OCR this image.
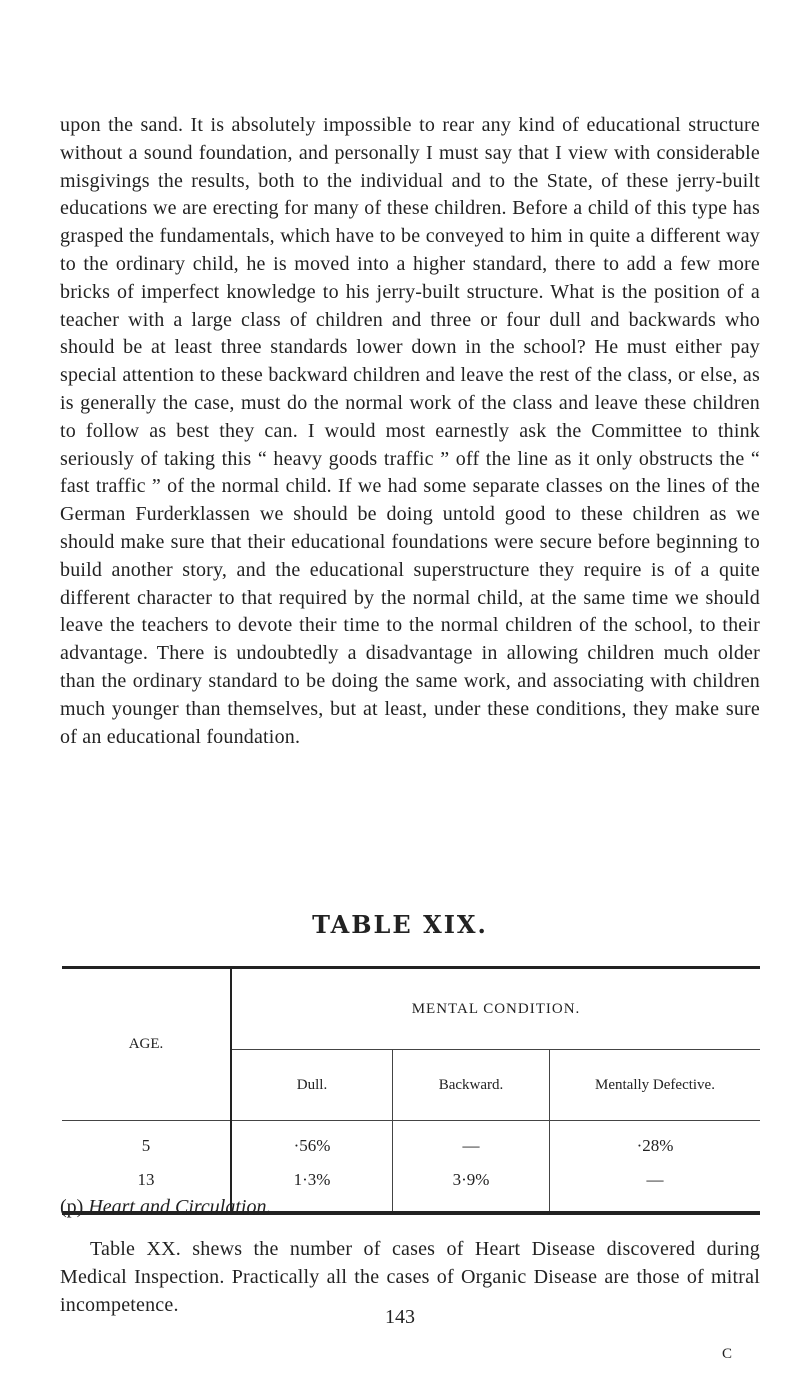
upon the sand. It is absolutely impossible to rear any kind of educational structure without a sound foundation, and personally I must say that I view with considerable misgivings the results, both to the individual and to the State, of these jerry-built educations we are erecting for many of these children. Before a child of this type has grasped the fundamentals, which have to be conveyed to him in quite a different way to the ordinary child, he is moved into a higher standard, there to add a few more bricks of imperfect knowledge to his jerry-built structure. What is the position of a teacher with a large class of children and three or four dull and backwards who should be at least three standards lower down in the school? He must either pay special attention to these backward children and leave the rest of the class, or else, as is generally the case, must do the normal work of the class and leave these children to follow as best they can. I would most earnestly ask the Committee to think seriously of taking this “ heavy goods traffic ” off the line as it only obstructs the “ fast traffic ” of the normal child. If we had some separate classes on the lines of the German Furderklassen we should be doing untold good to these children as we should make sure that their educational foundations were secure before beginning to build another story, and the educational superstructure they require is of a quite different character to that required by the normal child, at the same time we should leave the teachers to devote their time to the normal children of the school, to their advantage. There is undoubtedly a disadvantage in allowing children much older than the ordinary standard to be doing the same work, and associating with children much younger than themselves, but at least, under these conditions, they make sure of an educational foundation.

TABLE XIX.
AGE.	MENTAL CONDITION.		
	Dull.	Backward.	Mentally Defective.
5	·56%	—	·28%
13	1·3%	3·9%	—

(p) Heart and Circulation.

Table XX. shews the number of cases of Heart Disease discovered during Medical Inspection. Practically all the cases of Organic Disease are those of mitral incompetence.

143
C
